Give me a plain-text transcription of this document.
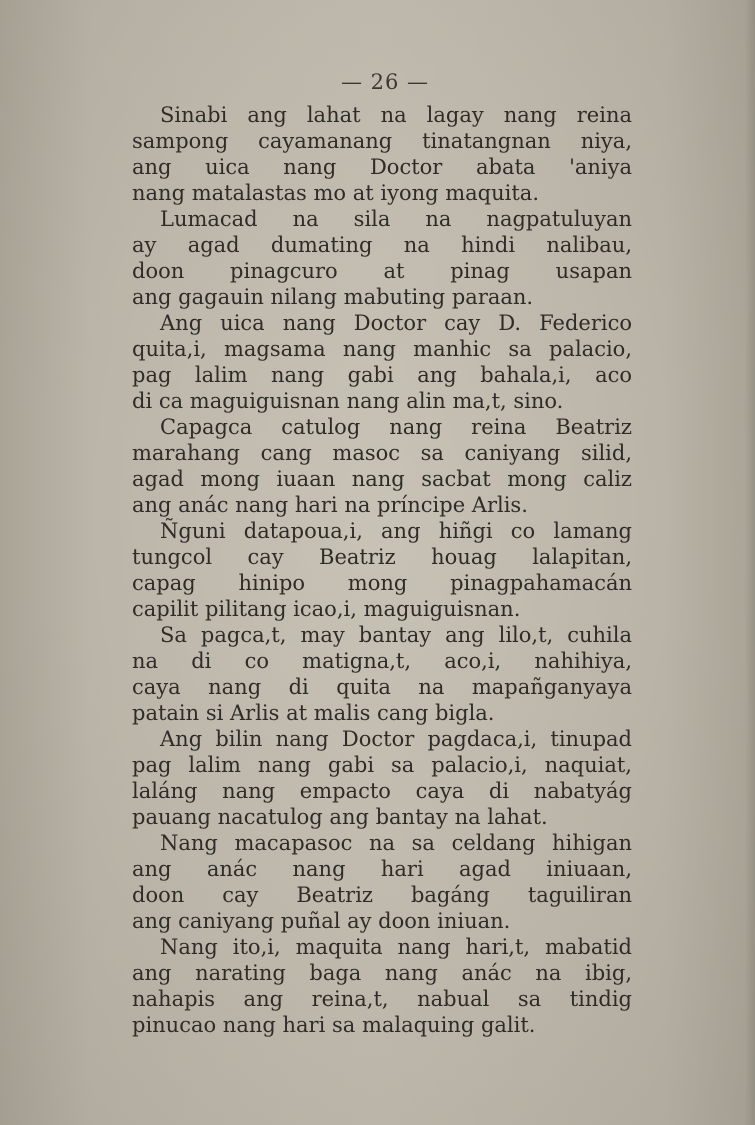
— 26 —
Sinabi ang lahat na lagay nang reina
sampong cayamanang tinatangnan niya,
ang uica nang Doctor abata 'aniya
nang matalastas mo at iyong maquita.
Lumacad na sila na nagpatuluyan
ay agad dumating na hindi nalibau,
doon pinagcuro at pinag usapan
ang gagauin nilang mabuting paraan.
Ang uica nang Doctor cay D. Federico
quita,i, magsama nang manhic sa palacio,
pag lalim nang gabi ang bahala,i, aco
di ca maguiguisnan nang alin ma,t, sino.
Capagca catulog nang reina Beatriz
marahang cang masoc sa caniyang silid,
agad mong iuaan nang sacbat mong caliz
ang anác nang hari na príncipe Arlis.
Ñguni datapoua,i, ang hiñgi co lamang
tungcol cay Beatriz houag lalapitan,
capag hinipo mong pinagpahamacán
capilit pilitang icao,i, maguiguisnan.
Sa pagca,t, may bantay ang lilo,t, cuhila
na di co matigna,t, aco,i, nahihiya,
caya nang di quita na mapañganyaya
patain si Arlis at malis cang bigla.
Ang bilin nang Doctor pagdaca,i, tinupad
pag lalim nang gabi sa palacio,i, naquiat,
laláng nang empacto caya di nabatyág
pauang nacatulog ang bantay na lahat.
Nang macapasoc na sa celdang hihigan
ang anác nang hari agad iniuaan,
doon cay Beatriz bagáng taguiliran
ang caniyang puñal ay doon iniuan.
Nang ito,i, maquita nang hari,t, mabatid
ang narating baga nang anác na ibig,
nahapis ang reina,t, nabual sa tindig
pinucao nang hari sa malaquing galit.
